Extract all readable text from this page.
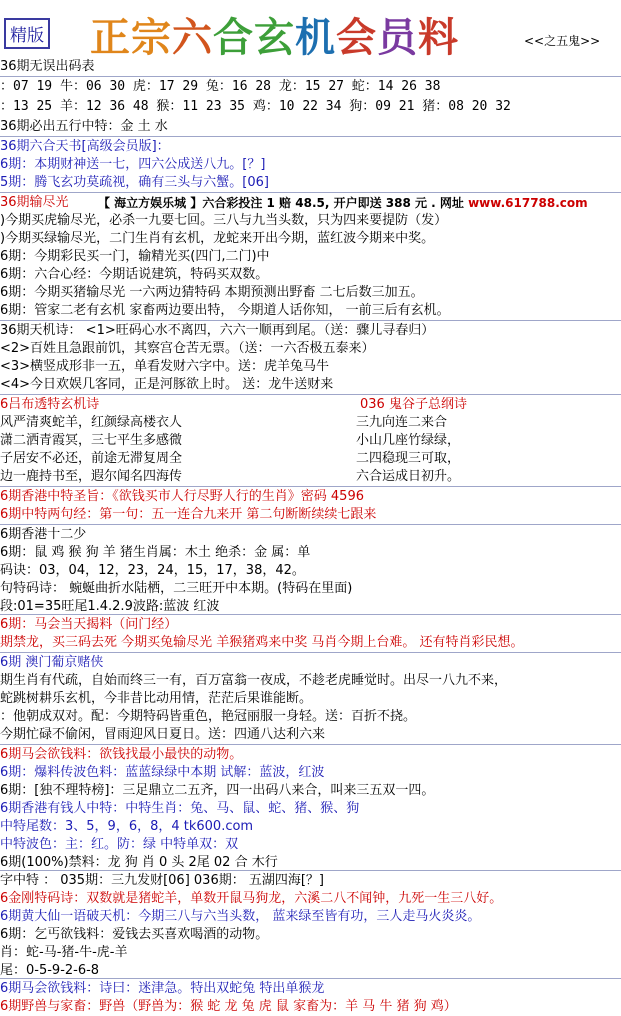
精版 正宗六合玄机会员料	<<之五鬼>>
36期无误出码表
：07 19 牛：06 30 虎：17 29 兔：16 28 龙：15 27 蛇：14 26 38
：13 25 羊：12 36 48 猴：11 23 35 鸡：10 22 34 狗：09 21 猪：08 20 32
36期必出五行中特：金 土 水
36期六合天书[高级会员版]：
6期：本期财神送一七，四六公成送八九。[？]
5期：腾飞玄功莫疏视，确有三头与六蟹。[06]
36期输尽光
)今期买虎输尽光，必杀一九要七回。三八与九当头数，只为四来要提防（发）
)今期买绿输尽光，二门生肖有玄机，龙蛇来开出今期，蓝红波今期来中奖。
6期：今期彩民买一门，输精光买(四门,二门)中
6期：六合心经：今期话说建筑，特码买双数。
6期：今期买猪输尽光 一六两边猜特码 本期预测出野畜 二七后数三加五。
6期：管家二老有玄机 家畜两边要出特， 今期道人话你知， 一前三后有玄机。
36期天机诗： <1>旺码心水不离四，六六一顺再到尾。（送：骤儿寻春归）
<2>百姓且急跟前饥，其察宫仓苦无票。（送：一六否极五泰来）
<3>横竖成形非一五，单看发财六字中。送：虎羊兔马牛
<4>今日欢娱几客同，正是河豚欲上时。 送：龙牛送财来
6吕布透特玄机诗
风严清爽蛇羊，红颜绿高楼衣人
潇二洒青霞冥，三七平生多感微
子居安不必还，前途无滞复周全
边一鹿持书至，遐尔闻名四海传
6期香港中特圣旨：《欲钱买市人行尽野人行的生肖》密码 4596
6期中特两句经：第一句：五一连合九来开 第二句断断续续七跟来
6期香港十二少
6期：鼠 鸡 猴 狗 羊 猪生肖属：木土 绝杀：金 属：单
码诀：03，04，12，23，24，15，17，38，42。
句特码诗： 蜿蜒曲折水陆栖，二三旺开中本期。(特码在里面)
段:01=35旺尾1.4.2.9波路:蓝波 红波
6期：马会当天揭料（问门经）
期禁龙，买三码去死 今期买兔输尽光 羊猴猪鸡来中奖 马肖今期上台难。 还有特肖彩民想。
6期 澳门葡京赌侠
期生肖有代疏，自始而终三一有，百万富翁一夜成，不趁老虎睡觉时。出尽一八九不来，
蛇跳树耕乐玄机，今非昔比动用情，茫茫后果谁能断。
：他朝成双对。配：今期特码皆重色，艳冠丽服一身轻。送：百折不挠。
今期忙碌不偷闲，冒雨迎风日夏日。送：四通八达利六来
6期马会欲钱料：欲钱找最小最快的动物。
6期：爆料传波色料：蓝蓝绿绿中本期 试解：蓝波，红波
6期：[独不理特榜]：三足鼎立二五齐，四一出码八来合，叫来三五双一四。
6期香港有钱人中特：中特生肖：兔、马、鼠、蛇、猪、猴、狗
中特尾数：3、5，9，6，8，4 tk600.com
中特波色：主：红。防：绿 中特单双：双
6期(100%)禁料：龙 狗 肖 0 头 2尾 02 合 木行
字中特 ： 035期：三九发财[06] 036期： 五湖四海[？]
6金刚特码诗：双数就是猪蛇羊，单数开鼠马狗龙，六溪二八不闻钟，九死一生三八好。
6期黄大仙一语破天机：今期三八与六当头数， 蓝来绿至皆有功，三人走马火炎炎。
6期：乞丐欲钱料：爱钱去买喜欢喝酒的动物。
肖：蛇-马-猪-牛-虎-羊
尾：0-5-9-2-6-8
6期马会欲钱料：诗曰：迷津急。特出双蛇兔 特出单猴龙
6期野兽与家畜：野兽（野兽为：猴 蛇 龙 兔 虎 鼠 家畜为：羊 马 牛 猪 狗 鸡）
【 海立方娱乐城 】六合彩投注 1 赔 48.5, 开户即送 388 元 . 网址 www.617788.com
036 鬼谷子总纲诗
三九向连二来合
小山几座竹绿绿，
二四稳现三可取，
六合运成日初升。
